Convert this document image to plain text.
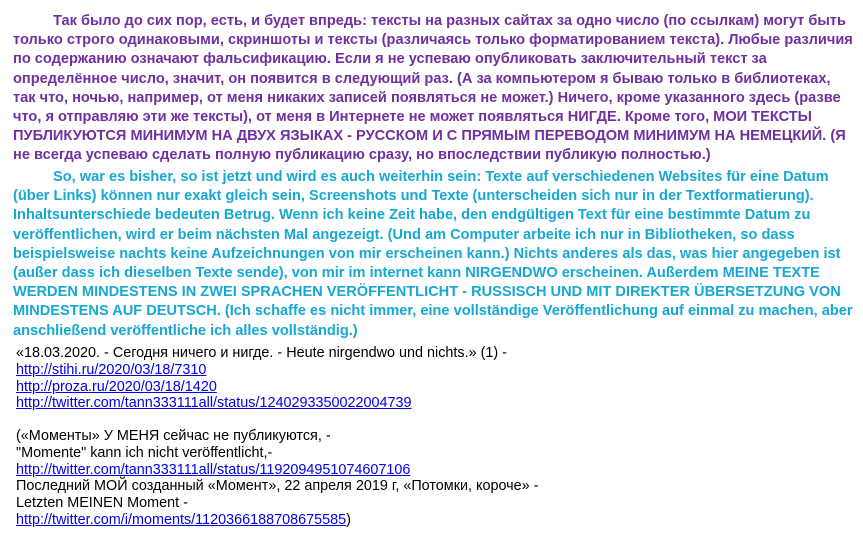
Так было до сих пор, есть, и будет впредь: тексты на разных сайтах за одно число (по ссылкам) могут быть только строго одинаковыми, скриншоты и тексты (различаясь только форматированием текста). Любые различия по содержанию означают фальсификацию. Если я не успеваю опубликовать заключительный текст за определённое число, значит, он появится в следующий раз. (А за компьютером я бываю только в библиотеках, так что, ночью, например, от меня никаких записей появляться не может.) Ничего, кроме указанного здесь (разве что, я отправляю эти же тексты), от меня в Интернете не может появляться НИГДЕ. Кроме того, МОИ ТЕКСТЫ ПУБЛИКУЮТСЯ МИНИМУМ НА ДВУХ ЯЗЫКАХ - РУССКОМ И С ПРЯМЫМ ПЕРЕВОДОМ МИНИМУМ НА НЕМЕЦКИЙ. (Я не всегда успеваю сделать полную публикацию сразу, но впоследствии публикую полностью.)

So, war es bisher, so ist jetzt und wird es auch weiterhin sein: Texte auf verschiedenen Websites für eine Datum (über Links) können nur exakt gleich sein, Screenshots und Texte (unterscheiden sich nur in der Textformatierung). Inhaltsunterschiede bedeuten Betrug. Wenn ich keine Zeit habe, den endgültigen Text für eine bestimmte Datum zu veröffentlichen, wird er beim nächsten Mal angezeigt. (Und am Computer arbeite ich nur in Bibliotheken, so dass beispielsweise nachts keine Aufzeichnungen von mir erscheinen kann.) Nichts anderes als das, was hier angegeben ist (außer dass ich dieselben Texte sende), von mir im internet kann NIRGENDWO erscheinen. Außerdem MEINE TEXTE WERDEN MINDESTENS IN ZWEI SPRACHEN VERÖFFENTLICHT - RUSSISCH UND MIT DIREKTER ÜBERSETZUNG VON MINDESTENS AUF DEUTSCH. (Ich schaffe es nicht immer, eine vollständige Veröffentlichung auf einmal zu machen, aber anschließend veröffentliche ich alles vollständig.)

«18.03.2020. - Сегодня ничего и нигде. - Heute nirgendwo und nichts.» (1) -
http://stihi.ru/2020/03/18/7310
http://proza.ru/2020/03/18/1420
http://twitter.com/tann333111all/status/1240293350022004739
(«Моменты» У МЕНЯ сейчас не публикуются, -
"Momente" kann ich nicht veröffentlicht,-
http://twitter.com/tann333111all/status/1192094951074607106
Последний МОЙ созданный «Момент», 22 апреля 2019 г, «Потомки, короче» -
Letzten MEINEN Moment -
http://twitter.com/i/moments/1120366188708675585)
